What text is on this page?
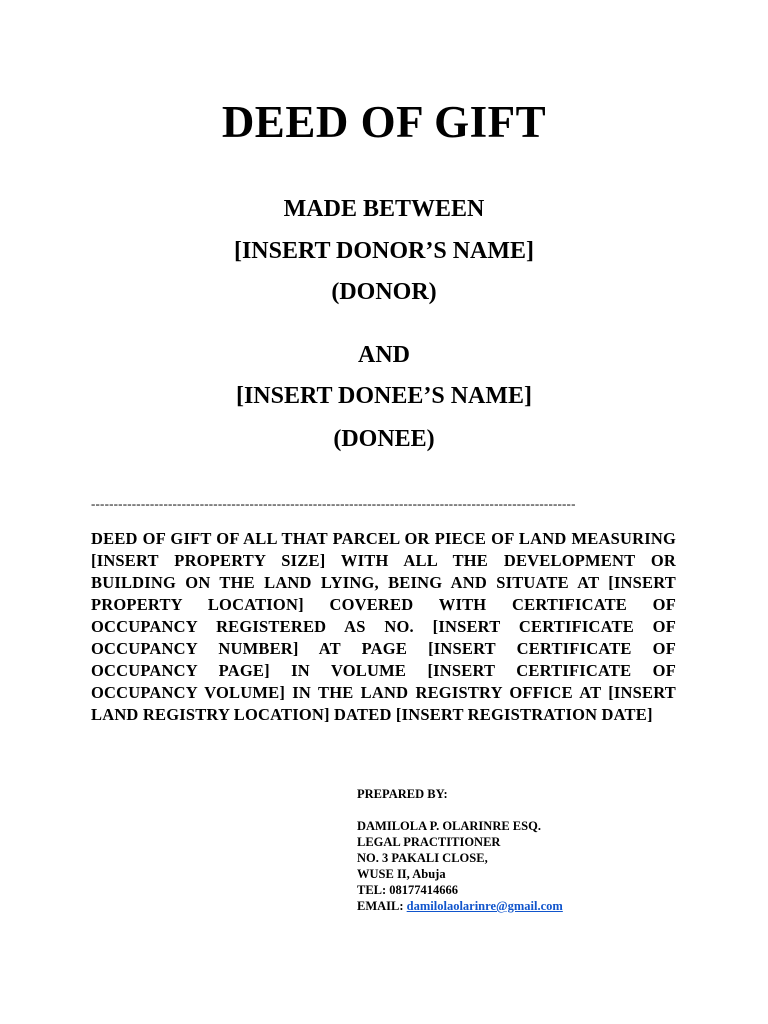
DEED OF GIFT
MADE BETWEEN
[INSERT DONOR’S NAME]
(DONOR)
AND
[INSERT DONEE’S NAME]
(DONEE)
-----------------------------------------------------------------------------------------------------------
DEED OF GIFT OF ALL THAT PARCEL OR PIECE OF LAND MEASURING [INSERT PROPERTY SIZE] WITH ALL THE DEVELOPMENT OR BUILDING ON THE LAND LYING, BEING AND SITUATE AT [INSERT PROPERTY LOCATION] COVERED WITH CERTIFICATE OF OCCUPANCY REGISTERED AS NO. [INSERT CERTIFICATE OF OCCUPANCY NUMBER] AT PAGE [INSERT CERTIFICATE OF OCCUPANCY PAGE] IN VOLUME [INSERT CERTIFICATE OF OCCUPANCY VOLUME] IN THE LAND REGISTRY OFFICE AT [INSERT LAND REGISTRY LOCATION] DATED [INSERT REGISTRATION DATE]
PREPARED BY:
DAMILOLA P. OLARINRE ESQ.
LEGAL PRACTITIONER
NO. 3 PAKALI CLOSE,
WUSE II, Abuja
TEL: 08177414666
EMAIL: damilolaolarinre@gmail.com
